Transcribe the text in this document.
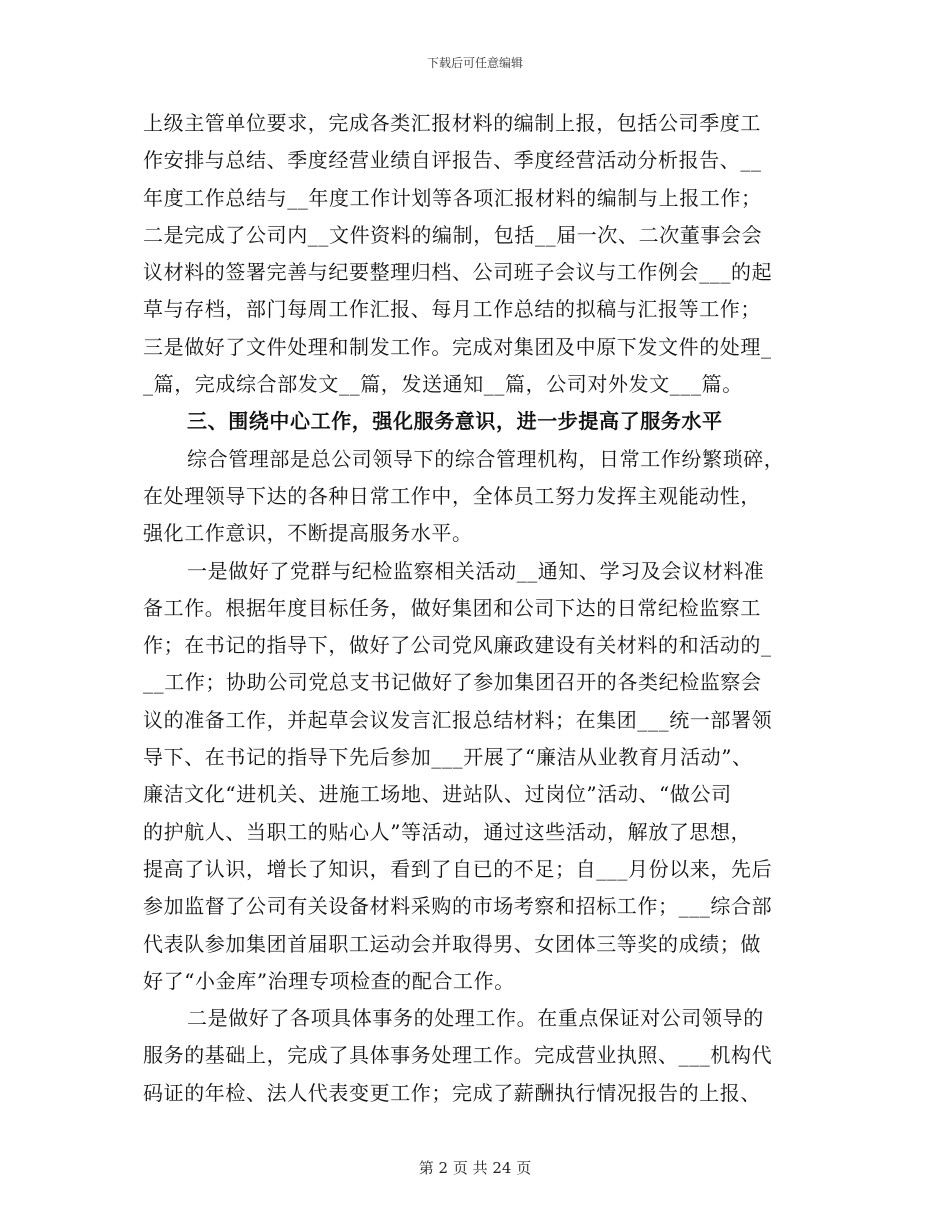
下载后可任意编辑
上级主管单位要求，完成各类汇报材料的编制上报，包括公司季度工
作安排与总结、季度经营业绩自评报告、季度经营活动分析报告、__
年度工作总结与__年度工作计划等各项汇报材料的编制与上报工作；
二是完成了公司内__文件资料的编制，包括__届一次、二次董事会会
议材料的签署完善与纪要整理归档、公司班子会议与工作例会___的起
草与存档，部门每周工作汇报、每月工作总结的拟稿与汇报等工作；
三是做好了文件处理和制发工作。完成对集团及中原下发文件的处理_
_篇，完成综合部发文__篇，发送通知__篇，公司对外发文___篇。
三、围绕中心工作，强化服务意识，进一步提高了服务水平
综合管理部是总公司领导下的综合管理机构，日常工作纷繁琐碎，
在处理领导下达的各种日常工作中，全体员工努力发挥主观能动性，
强化工作意识，不断提高服务水平。
一是做好了党群与纪检监察相关活动__通知、学习及会议材料准
备工作。根据年度目标任务，做好集团和公司下达的日常纪检监察工
作；在书记的指导下，做好了公司党风廉政建设有关材料的和活动的_
__工作；协助公司党总支书记做好了参加集团召开的各类纪检监察会
议的准备工作，并起草会议发言汇报总结材料；在集团___统一部署领
导下、在书记的指导下先后参加___开展了“廉洁从业教育月活动”、
廉洁文化“进机关、进施工场地、进站队、过岗位”活动、“做公司
的护航人、当职工的贴心人”等活动，通过这些活动，解放了思想，
提高了认识，增长了知识，看到了自已的不足；自___月份以来，先后
参加监督了公司有关设备材料采购的市场考察和招标工作；___综合部
代表队参加集团首届职工运动会并取得男、女团体三等奖的成绩；做
好了“小金库”治理专项检查的配合工作。
二是做好了各项具体事务的处理工作。在重点保证对公司领导的
服务的基础上，完成了具体事务处理工作。完成营业执照、___机构代
码证的年检、法人代表变更工作；完成了薪酬执行情况报告的上报、
第 2 页 共 24 页
